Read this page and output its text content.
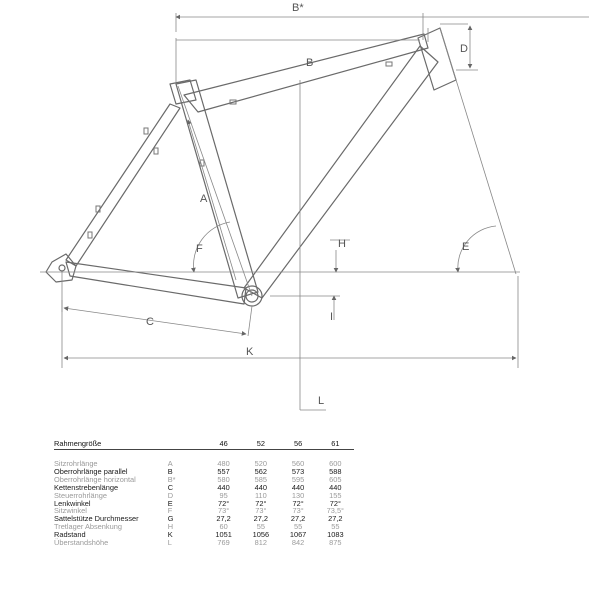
B*
B
D
A
F	E
H
I
C
K
L
Rahmengröße		46	52	56	61

Sitzrohrlänge	A	480	520	560	600
Oberrohrlänge parallel	B	557	562	573	588
Oberrohrlänge horizontal	B*	580	585	595	605
Kettenstrebenlänge	C	440	440	440	440
Steuerrohrlänge	D	95	110	130	155
Lenkwinkel	E	72°	72°	72°	72°
Sitzwinkel	F	73°	73°	73°	73,5°
Sattelstütze Durchmesser	G	27,2	27,2	27,2	27,2
Tretlager Absenkung	H	60	55	55	55
Radstand	K	1051	1056	1067	1083
Überstandshöhe	L	769	812	842	875
